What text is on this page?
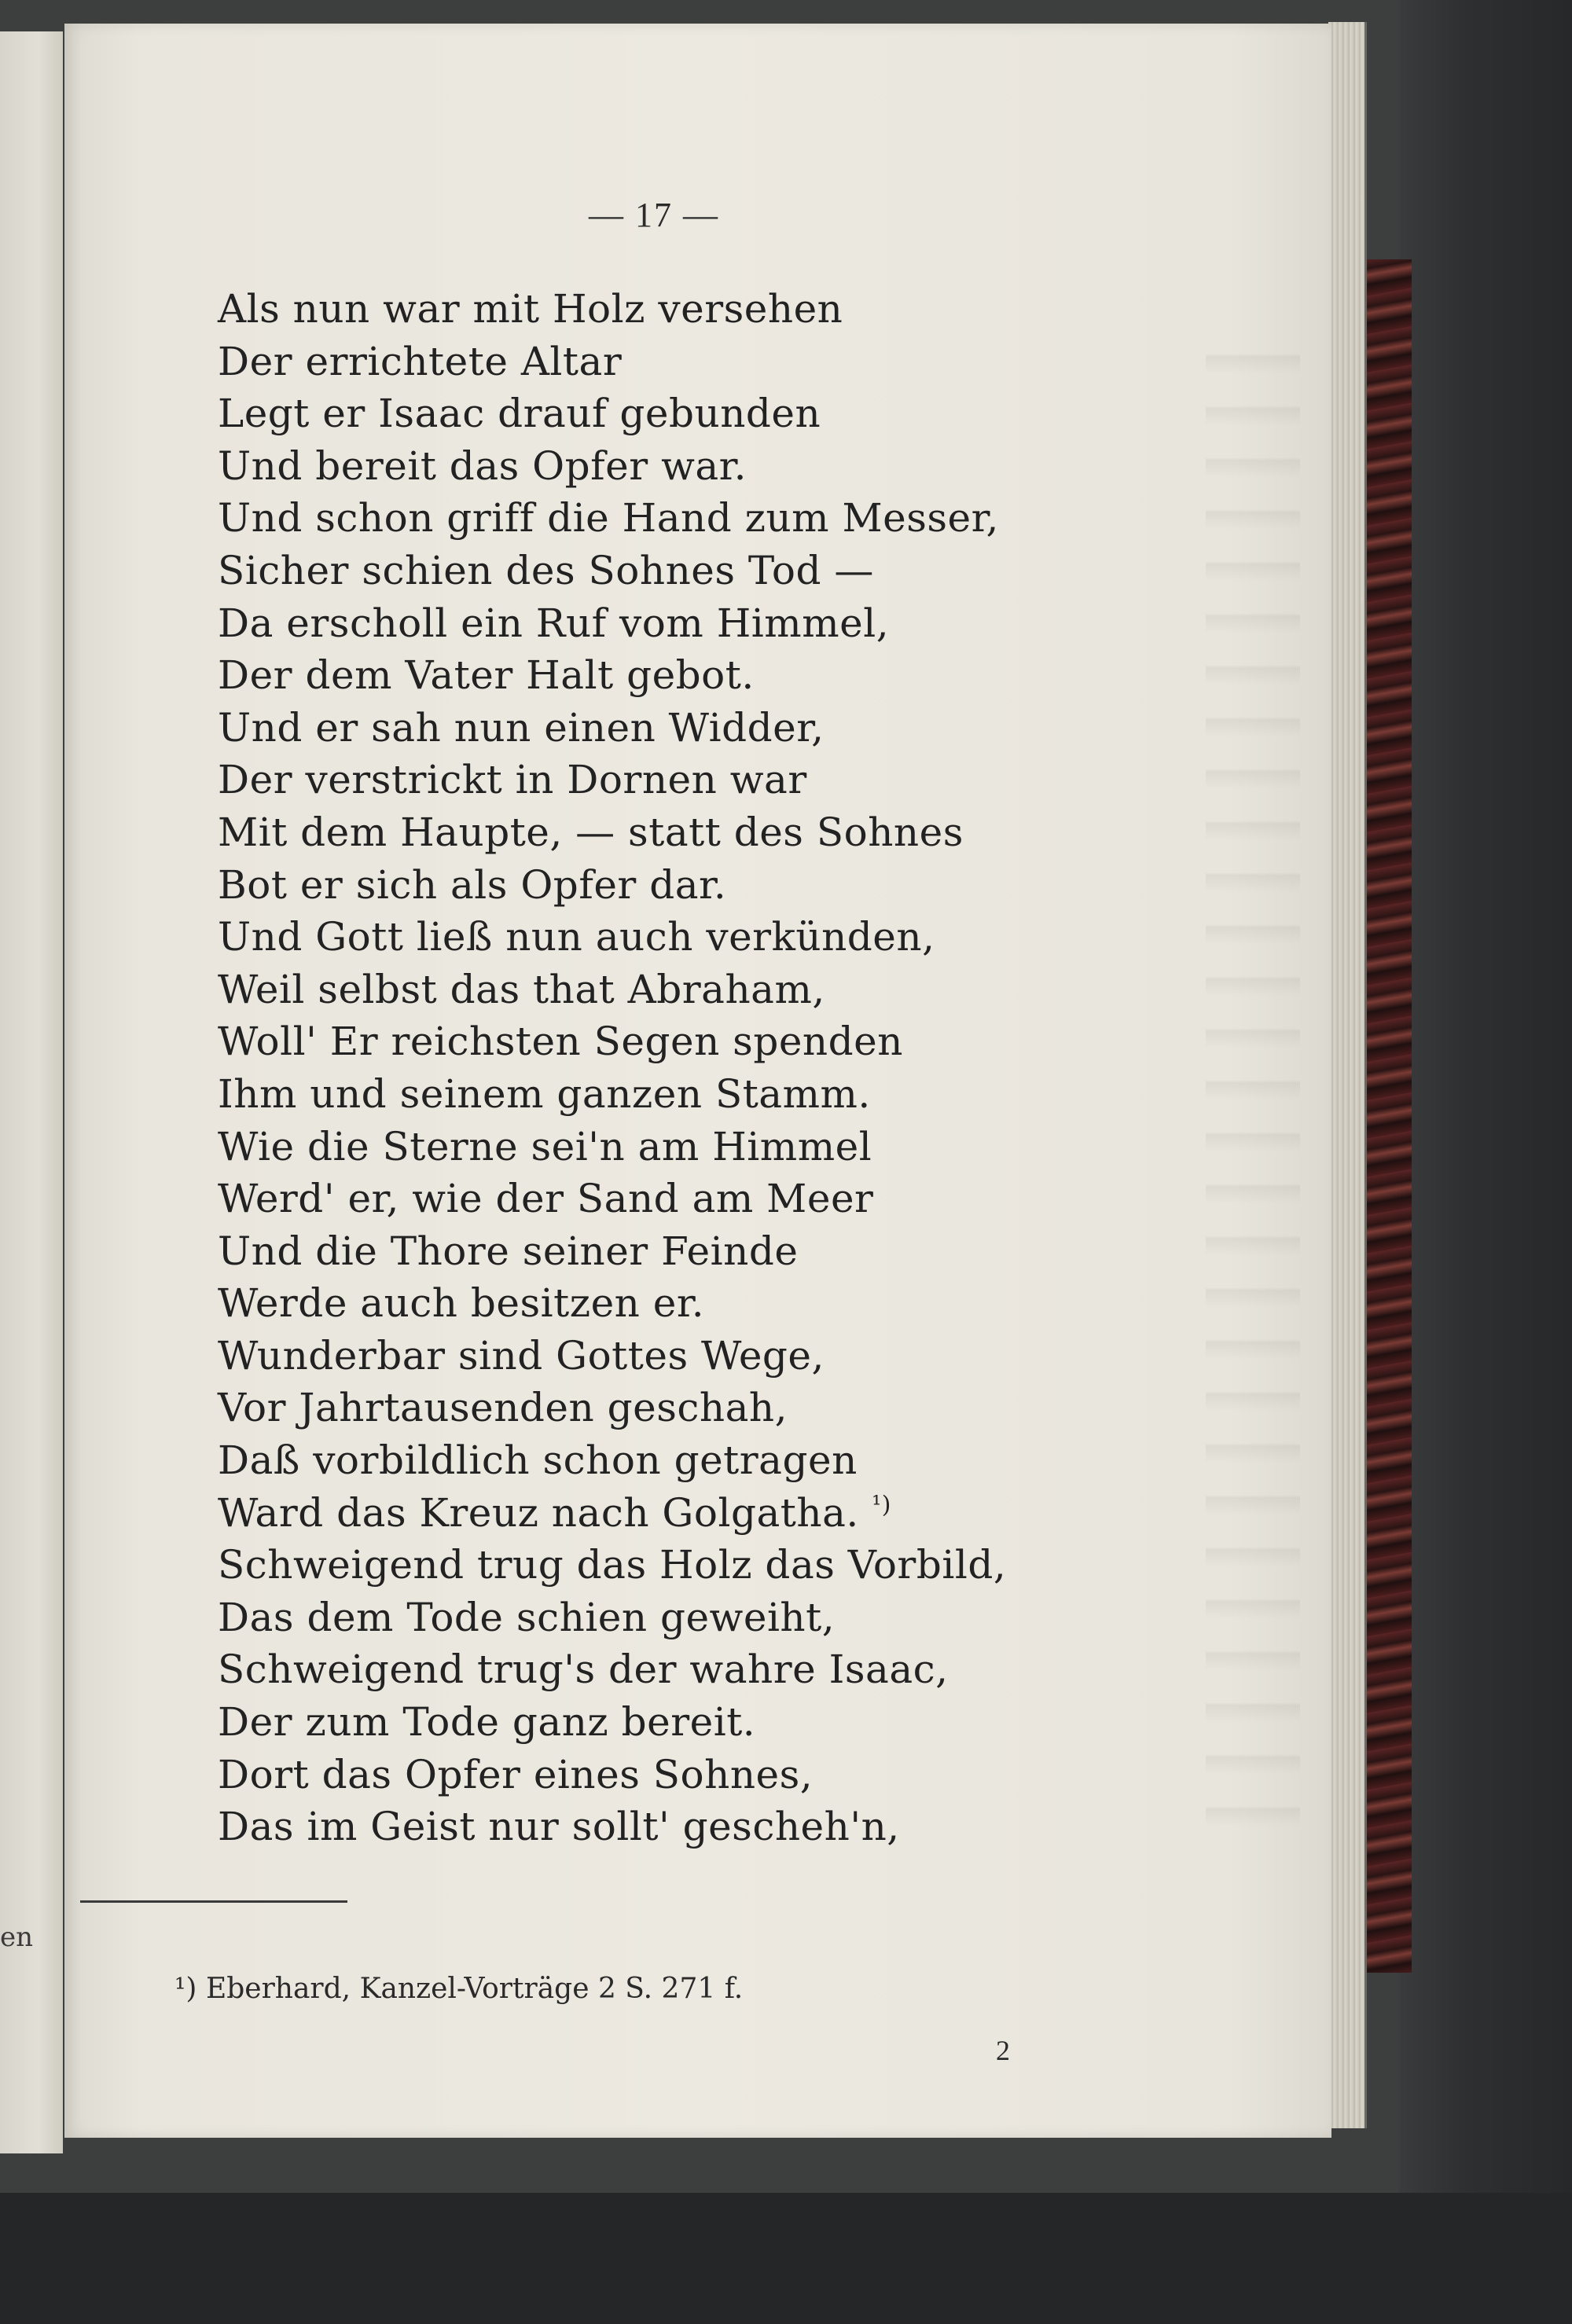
en
— 17 —
Als nun war mit Holz versehen
Der errichtete Altar
Legt er Isaac drauf gebunden
Und bereit das Opfer war.
Und schon griff die Hand zum Messer,
Sicher schien des Sohnes Tod —
Da erscholl ein Ruf vom Himmel,
Der dem Vater Halt gebot.
Und er sah nun einen Widder,
Der verstrickt in Dornen war
Mit dem Haupte, — statt des Sohnes
Bot er sich als Opfer dar.
Und Gott ließ nun auch verkünden,
Weil selbst das that Abraham,
Woll' Er reichsten Segen spenden
Ihm und seinem ganzen Stamm.
Wie die Sterne sei'n am Himmel
Werd' er, wie der Sand am Meer
Und die Thore seiner Feinde
Werde auch besitzen er.
Wunderbar sind Gottes Wege,
Vor Jahrtausenden geschah,
Daß vorbildlich schon getragen
Ward das Kreuz nach Golgatha. $^{^1)}$
Schweigend trug das Holz das Vorbild,
Das dem Tode schien geweiht,
Schweigend trug's der wahre Isaac,
Der zum Tode ganz bereit.
Dort das Opfer eines Sohnes,
Das im Geist nur sollt' gescheh'n,
¹) Eberhard, Kanzel-Vorträge 2 S. 271 f.
2
